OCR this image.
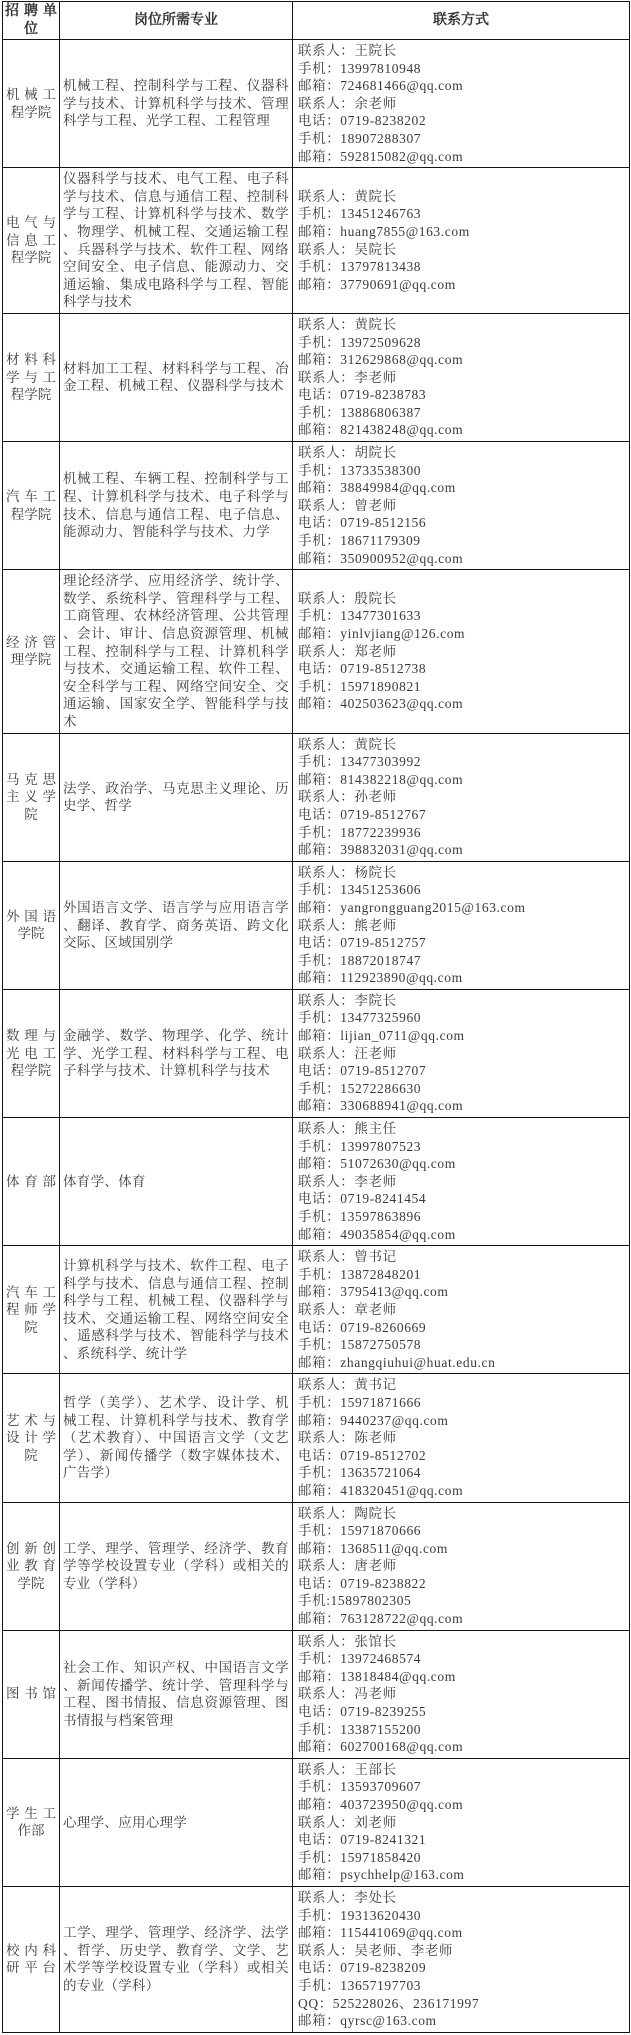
招聘单位	岗位所需专业	联系方式
机械工程学院	机械工程、控制科学与工程、仪器科学与技术、计算机科学与技术、管理科学与工程、光学工程、工程管理	
联系人：王院长
手机：13997810948
邮箱：724681466@qq.com
联系人：余老师
电话：0719-8238202
手机：18907288307
邮箱：592815082@qq.com

电气与信息工程学院	仪器科学与技术、电气工程、电子科学与技术、信息与通信工程、控制科学与工程、计算机科学与技术、数学、物理学、机械工程、交通运输工程、兵器科学与技术、软件工程、网络空间安全、电子信息、能源动力、交通运输、集成电路科学与工程、智能科学与技术	
联系人：黄院长
手机：13451246763
邮箱：huang7855@163.com
联系人：吴院长
手机：13797813438
邮箱：37790691@qq.com

材料科学与工程学院	材料加工工程、材料科学与工程、冶金工程、机械工程、仪器科学与技术	
联系人：黄院长
手机：13972509628
邮箱：312629868@qq.com
联系人：李老师
电话：0719-8238783
手机：13886806387
邮箱：821438248@qq.com

汽车工程学院	机械工程、车辆工程、控制科学与工程、计算机科学与技术、电子科学与技术、信息与通信工程、电子信息、能源动力、智能科学与技术、力学	
联系人：胡院长
手机：13733538300
邮箱：38849984@qq.com
联系人：曾老师
电话：0719-8512156
手机：18671179309
邮箱：350900952@qq.com

经济管理学院	理论经济学、应用经济学、统计学、数学、系统科学、管理科学与工程、工商管理、农林经济管理、公共管理、会计、审计、信息资源管理、机械工程、控制科学与工程、计算机科学与技术、交通运输工程、软件工程、安全科学与工程、网络空间安全、交通运输、国家安全学、智能科学与技术	
联系人：殷院长
手机：13477301633
邮箱：yinlvjiang@126.com
联系人：郑老师
电话：0719-8512738
手机：15971890821
邮箱：402503623@qq.com

马克思主义学院	法学、政治学、马克思主义理论、历史学、哲学	
联系人：黄院长
手机：13477303992
邮箱：814382218@qq.com
联系人：孙老师
电话：0719-8512767
手机：18772239936
邮箱：398832031@qq.com

外国语学院	外国语言文学、语言学与应用语言学、翻译、教育学、商务英语、跨文化交际、区域国别学	
联系人：杨院长
手机：13451253606
邮箱：yangrongguang2015@163.com
联系人：熊老师
电话：0719-8512757
手机：18872018747
邮箱：112923890@qq.com

数理与光电工程学院	金融学、数学、物理学、化学、统计学、光学工程、材料科学与工程、电子科学与技术、计算机科学与技术	
联系人：李院长
手机：13477325960
邮箱：lijian_0711@qq.com
联系人：汪老师
电话：0719-8512707
手机：15272286630
邮箱：330688941@qq.com

体育部	体育学、体育	
联系人：熊主任
手机：13997807523
邮箱：51072630@qq.com
联系人：李老师
电话：0719-8241454
手机：13597863896
邮箱：49035854@qq.com

汽车工程师学院	计算机科学与技术、软件工程、电子科学与技术、信息与通信工程、控制科学与工程、机械工程、仪器科学与技术、交通运输工程、网络空间安全、遥感科学与技术、智能科学与技术、系统科学、统计学	
联系人：曾书记
手机：13872848201
邮箱：3795413@qq.com
联系人：章老师
电话：0719-8260669
手机：15872750578
邮箱：zhangqiuhui@huat.edu.cn

艺术与设计学院	哲学（美学）、艺术学、设计学、机械工程、计算机科学与技术、教育学（艺术教育）、中国语言文学（文艺学）、新闻传播学（数字媒体技术、广告学）	
联系人：黄书记
手机：15971871666
邮箱：9440237@qq.com
联系人：陈老师
电话：0719-8512702
手机：13635721064
邮箱：418320451@qq.com

创新创业教育学院	工学、理学、管理学、经济学、教育学等学校设置专业（学科）或相关的专业（学科）	
联系人：陶院长
手机：15971870666
邮箱：1368511@qq.com
联系人：唐老师
电话：0719-8238822
手机:15897802305
邮箱：763128722@qq.com

图书馆	社会工作、知识产权、中国语言文学、新闻传播学、统计学、管理科学与工程、图书情报、信息资源管理、图书情报与档案管理	
联系人：张馆长
手机：13972468574
邮箱：13818484@qq.com
联系人：冯老师
电话：0719-8239255
手机：13387155200
邮箱：602700168@qq.com

学生工作部	心理学、应用心理学	
联系人：王部长
手机：13593709607
邮箱：403723950@qq.com
联系人：刘老师
电话：0719-8241321
手机：15971858420
邮箱：psychhelp@163.com

校内科研平台	工学、理学、管理学、经济学、法学、哲学、历史学、教育学、文学、艺术学等学校设置专业（学科）或相关的专业（学科）	
联系人：李处长
手机：19313620430
邮箱：115441069@qq.com
联系人：吴老师、李老师
电话：0719-8238209
手机：13657197703
QQ：525228026、236171997
邮箱：qyrsc@163.com
